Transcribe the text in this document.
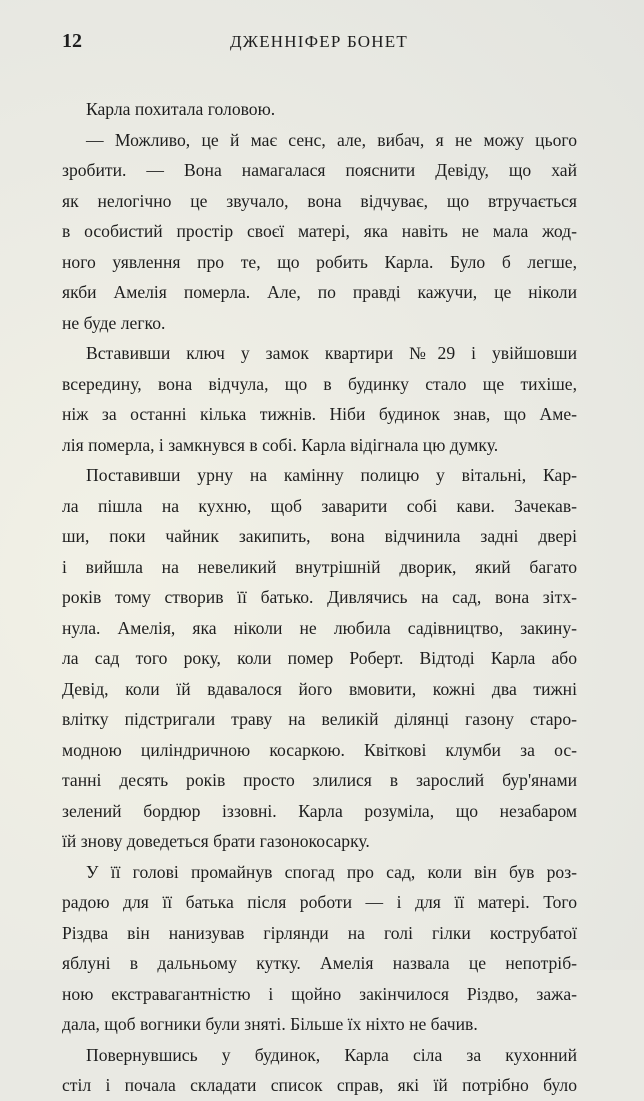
12	ДЖЕННІФЕР БОНЕТ
Карла похитала головою.
— Можливо, це й має сенс, але, вибач, я не можу цього
зробити. — Вона намагалася пояснити Девіду, що хай
як нелогічно це звучало, вона відчуває, що втручається
в особистий простір своєї матері, яка навіть не мала жод-
ного уявлення про те, що робить Карла. Було б легше,
якби Амелія померла. Але, по правді кажучи, це ніколи
не буде легко.
Вставивши ключ у замок квартири №29 і увійшовши
всередину, вона відчула, що в будинку стало ще тихіше,
ніж за останні кілька тижнів. Ніби будинок знав, що Аме-
лія померла, і замкнувся в собі. Карла відігнала цю думку.
Поставивши урну на камінну полицю у вітальні, Кар-
ла пішла на кухню, щоб заварити собі кави. Зачекав-
ши, поки чайник закипить, вона відчинила задні двері
і вийшла на невеликий внутрішній дворик, який багато
років тому створив її батько. Дивлячись на сад, вона зітх-
нула. Амелія, яка ніколи не любила садівництво, закину-
ла сад того року, коли помер Роберт. Відтоді Карла або
Девід, коли їй вдавалося його вмовити, кожні два тижні
влітку підстригали траву на великій ділянці газону старо-
модною циліндричною косаркою. Квіткові клумби за ос-
танні десять років просто злилися в зарослий бур'янами
зелений бордюр іззовні. Карла розуміла, що незабаром
їй знову доведеться брати газонокосарку.
У її голові промайнув спогад про сад, коли він був роз-
радою для її батька після роботи — і для її матері. Того
Різдва він нанизував гірлянди на голі гілки кострубатої
яблуні в дальньому кутку. Амелія назвала це непотріб-
ною екстравагантністю і щойно закінчилося Різдво, зажа-
дала, щоб вогники були зняті. Більше їх ніхто не бачив.
Повернувшись у будинок, Карла сіла за кухонний
стіл і почала складати список справ, які їй потрібно було
